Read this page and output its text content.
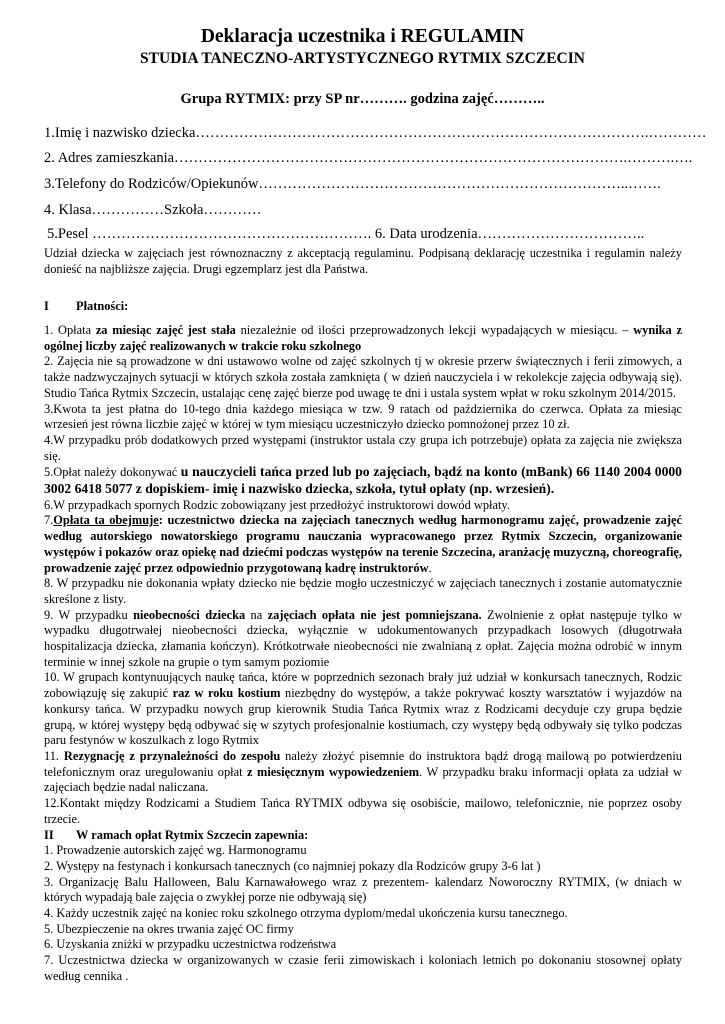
Deklaracja uczestnika i REGULAMIN
STUDIA TANECZNO-ARTYSTYCZNEGO RYTMIX SZCZECIN
Grupa RYTMIX: przy SP nr………. godzina zajęć………..
1.Imię i nazwisko dziecka………………………………………………………………………………….…………
2. Adres zamieszkania………………………………………………………………………………….……….….
3.Telefony do Rodziców/Opiekunów…………………………………………………………………..…….
4. Klasa……………Szkoła…………
5.Pesel …………………………………………………. 6. Data urodzenia……………………………..
Udział dziecka w zajęciach jest równoznaczny z akceptacją regulaminu. Podpisaną deklarację uczestnika i regulamin należy donieść na najbliższe zajęcia. Drugi egzemplarz jest dla Państwa.
I Płatności:

1. Opłata za miesiąc zajęć jest stała niezależnie od ilości przeprowadzonych lekcji wypadających w miesiącu. – wynika z ogólnej liczby zajęć realizowanych w trakcie roku szkolnego

2. Zajęcia nie są prowadzone w dni ustawowo wolne od zajęć szkolnych tj w okresie przerw świątecznych i ferii zimowych, a także nadzwyczajnych sytuacji w których szkoła została zamknięta ( w dzień nauczyciela i w rekolekcje zajęcia odbywają się). Studio Tańca Rytmix Szczecin, ustalając cenę zajęć bierze pod uwagę te dni i ustala system wpłat w roku szkolnym 2014/2015.

3.Kwota ta jest płatna do 10-tego dnia każdego miesiąca w tzw. 9 ratach od października do czerwca. Opłata za miesiąc wrzesień jest równa liczbie zajęć w której w tym miesiącu uczestniczyło dziecko pomnożonej przez 10 zł.

4.W przypadku prób dodatkowych przed występami (instruktor ustala czy grupa ich potrzebuje) opłata za zajęcia nie zwiększa się.

5.Opłat należy dokonywać u nauczycieli tańca przed lub po zajęciach, bądź na konto (mBank) 66 1140 2004 0000 3002 6418 5077 z dopiskiem- imię i nazwisko dziecka, szkoła, tytuł opłaty (np. wrzesień).

6.W przypadkach spornych Rodzic zobowiązany jest przedłożyć instruktorowi dowód wpłaty.

7.Opłata ta obejmuje: uczestnictwo dziecka na zajęciach tanecznych według harmonogramu zajęć, prowadzenie zajęć według autorskiego nowatorskiego programu nauczania wypracowanego przez Rytmix Szczecin, organizowanie występów i pokazów oraz opiekę nad dziećmi podczas występów na terenie Szczecina, aranżację muzyczną, choreografię, prowadzenie zajęć przez odpowiednio przygotowaną kadrę instruktorów.

8. W przypadku nie dokonania wpłaty dziecko nie będzie mogło uczestniczyć w zajęciach tanecznych i zostanie automatycznie skreślone z listy.

9. W przypadku nieobecności dziecka na zajęciach opłata nie jest pomniejszana. Zwolnienie z opłat następuje tylko w wypadku długotrwałej nieobecności dziecka, wyłącznie w udokumentowanych przypadkach losowych (długotrwała hospitalizacja dziecka, złamania kończyn). Krótkotrwałe nieobecności nie zwalnianą z opłat. Zajęcia można odrobić w innym terminie w innej szkole na grupie o tym samym poziomie

10. W grupach kontynuujących naukę tańca, które w poprzednich sezonach brały już udział w konkursach tanecznych, Rodzic zobowiązuję się zakupić raz w roku kostium niezbędny do występów, a także pokrywać koszty warsztatów i wyjazdów na konkursy tańca. W przypadku nowych grup kierownik Studia Tańca Rytmix wraz z Rodzicami decyduje czy grupa będzie grupą, w której występy będą odbywać się w szytych profesjonalnie kostiumach, czy występy będą odbywały się tylko podczas paru festynów w koszulkach z logo Rytmix

11. Rezygnację z przynależności do zespołu należy złożyć pisemnie do instruktora bądź drogą mailową po potwierdzeniu telefonicznym oraz uregulowaniu opłat z miesięcznym wypowiedzeniem. W przypadku braku informacji opłata za udział w zajęciach będzie nadal naliczana.

12.Kontakt między Rodzicami a Studiem Tańca RYTMIX odbywa się osobiście, mailowo, telefonicznie, nie poprzez osoby trzecie.

II W ramach opłat Rytmix Szczecin zapewnia:

1. Prowadzenie autorskich zajęć wg. Harmonogramu

2. Występy na festynach i konkursach tanecznych (co najmniej pokazy dla Rodziców grupy 3-6 lat )

3. Organizację Balu Halloween, Balu Karnawałowego wraz z prezentem- kalendarz Noworoczny RYTMIX, (w dniach w których wypadają bale zajęcia o zwykłej porze nie odbywają się)

4. Każdy uczestnik zajęć na koniec roku szkolnego otrzyma dyplom/medal ukończenia kursu tanecznego.

5. Ubezpieczenie na okres trwania zajęć OC firmy

6. Uzyskania zniżki w przypadku uczestnictwa rodzeństwa

7. Uczestnictwa dziecka w organizowanych w czasie ferii zimowiskach i koloniach letnich po dokonaniu stosownej opłaty według cennika .
